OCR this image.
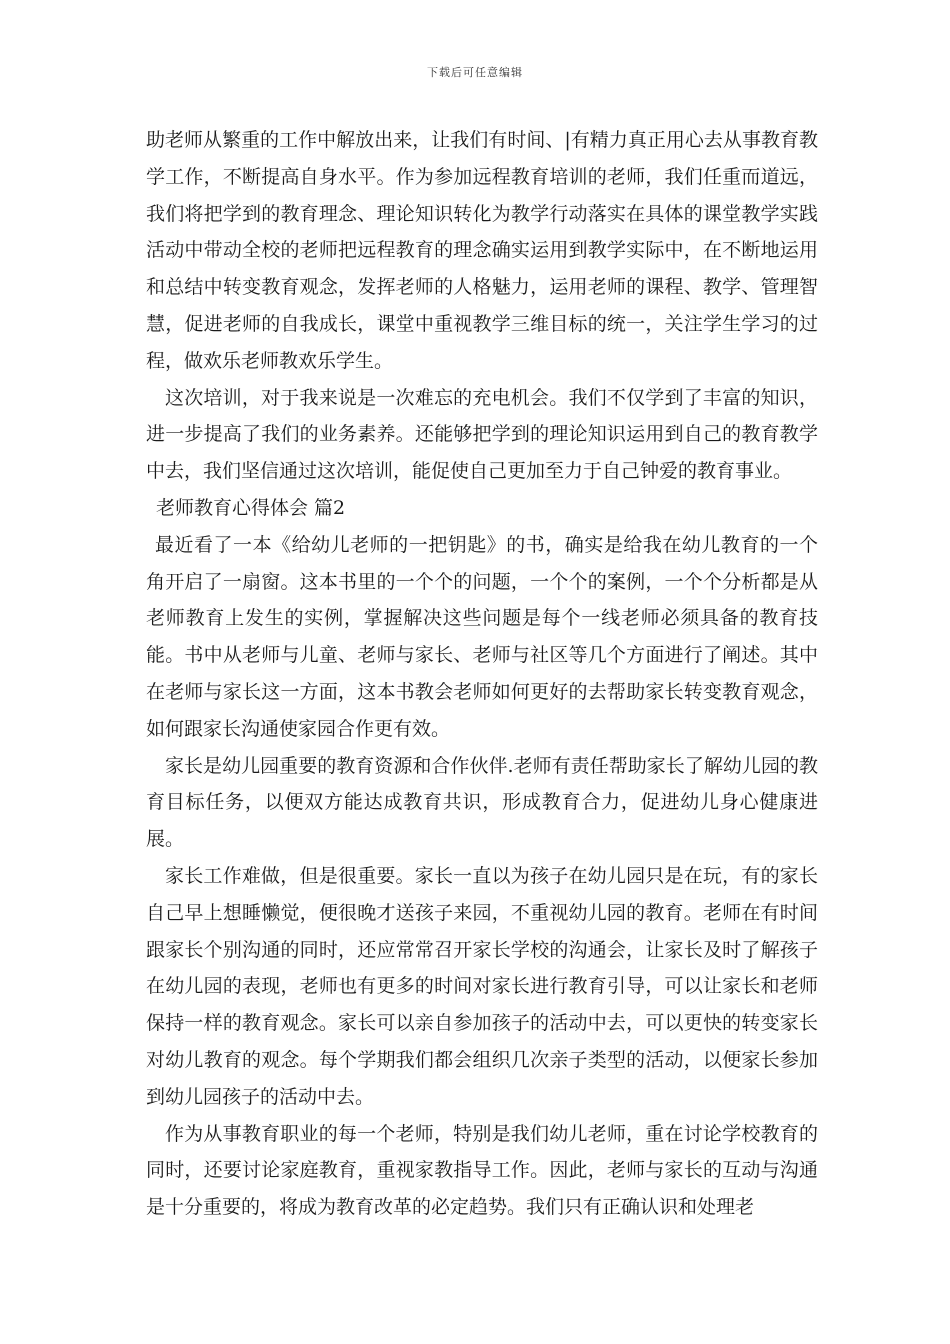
下载后可任意编辑

助老师从繁重的工作中解放出来，让我们有时间、|有精力真正用心去从事教育教学工作，不断提高自身水平。作为参加远程教育培训的老师，我们任重而道远，我们将把学到的教育理念、理论知识转化为教学行动落实在具体的课堂教学实践活动中带动全校的老师把远程教育的理念确实运用到教学实际中，在不断地运用和总结中转变教育观念，发挥老师的人格魅力，运用老师的课程、教学、管理智慧，促进老师的自我成长，课堂中重视教学三维目标的统一，关注学生学习的过程，做欢乐老师教欢乐学生。

这次培训，对于我来说是一次难忘的充电机会。我们不仅学到了丰富的知识，进一步提高了我们的业务素养。还能够把学到的理论知识运用到自己的教育教学中去，我们坚信通过这次培训，能促使自己更加至力于自己钟爱的教育事业。

老师教育心得体会 篇2

最近看了一本《给幼儿老师的一把钥匙》的书，确实是给我在幼儿教育的一个角开启了一扇窗。这本书里的一个个的问题，一个个的案例，一个个分析都是从老师教育上发生的实例，掌握解决这些问题是每个一线老师必须具备的教育技能。书中从老师与儿童、老师与家长、老师与社区等几个方面进行了阐述。其中在老师与家长这一方面，这本书教会老师如何更好的去帮助家长转变教育观念，如何跟家长沟通使家园合作更有效。

家长是幼儿园重要的教育资源和合作伙伴.老师有责任帮助家长了解幼儿园的教育目标任务，以便双方能达成教育共识，形成教育合力，促进幼儿身心健康进展。

家长工作难做，但是很重要。家长一直以为孩子在幼儿园只是在玩，有的家长自己早上想睡懒觉，便很晚才送孩子来园，不重视幼儿园的教育。老师在有时间跟家长个别沟通的同时，还应常常召开家长学校的沟通会，让家长及时了解孩子在幼儿园的表现，老师也有更多的时间对家长进行教育引导，可以让家长和老师保持一样的教育观念。家长可以亲自参加孩子的活动中去，可以更快的转变家长对幼儿教育的观念。每个学期我们都会组织几次亲子类型的活动，以便家长参加到幼儿园孩子的活动中去。

作为从事教育职业的每一个老师，特别是我们幼儿老师，重在讨论学校教育的同时，还要讨论家庭教育，重视家教指导工作。因此，老师与家长的互动与沟通是十分重要的，将成为教育改革的必定趋势。我们只有正确认识和处理老
